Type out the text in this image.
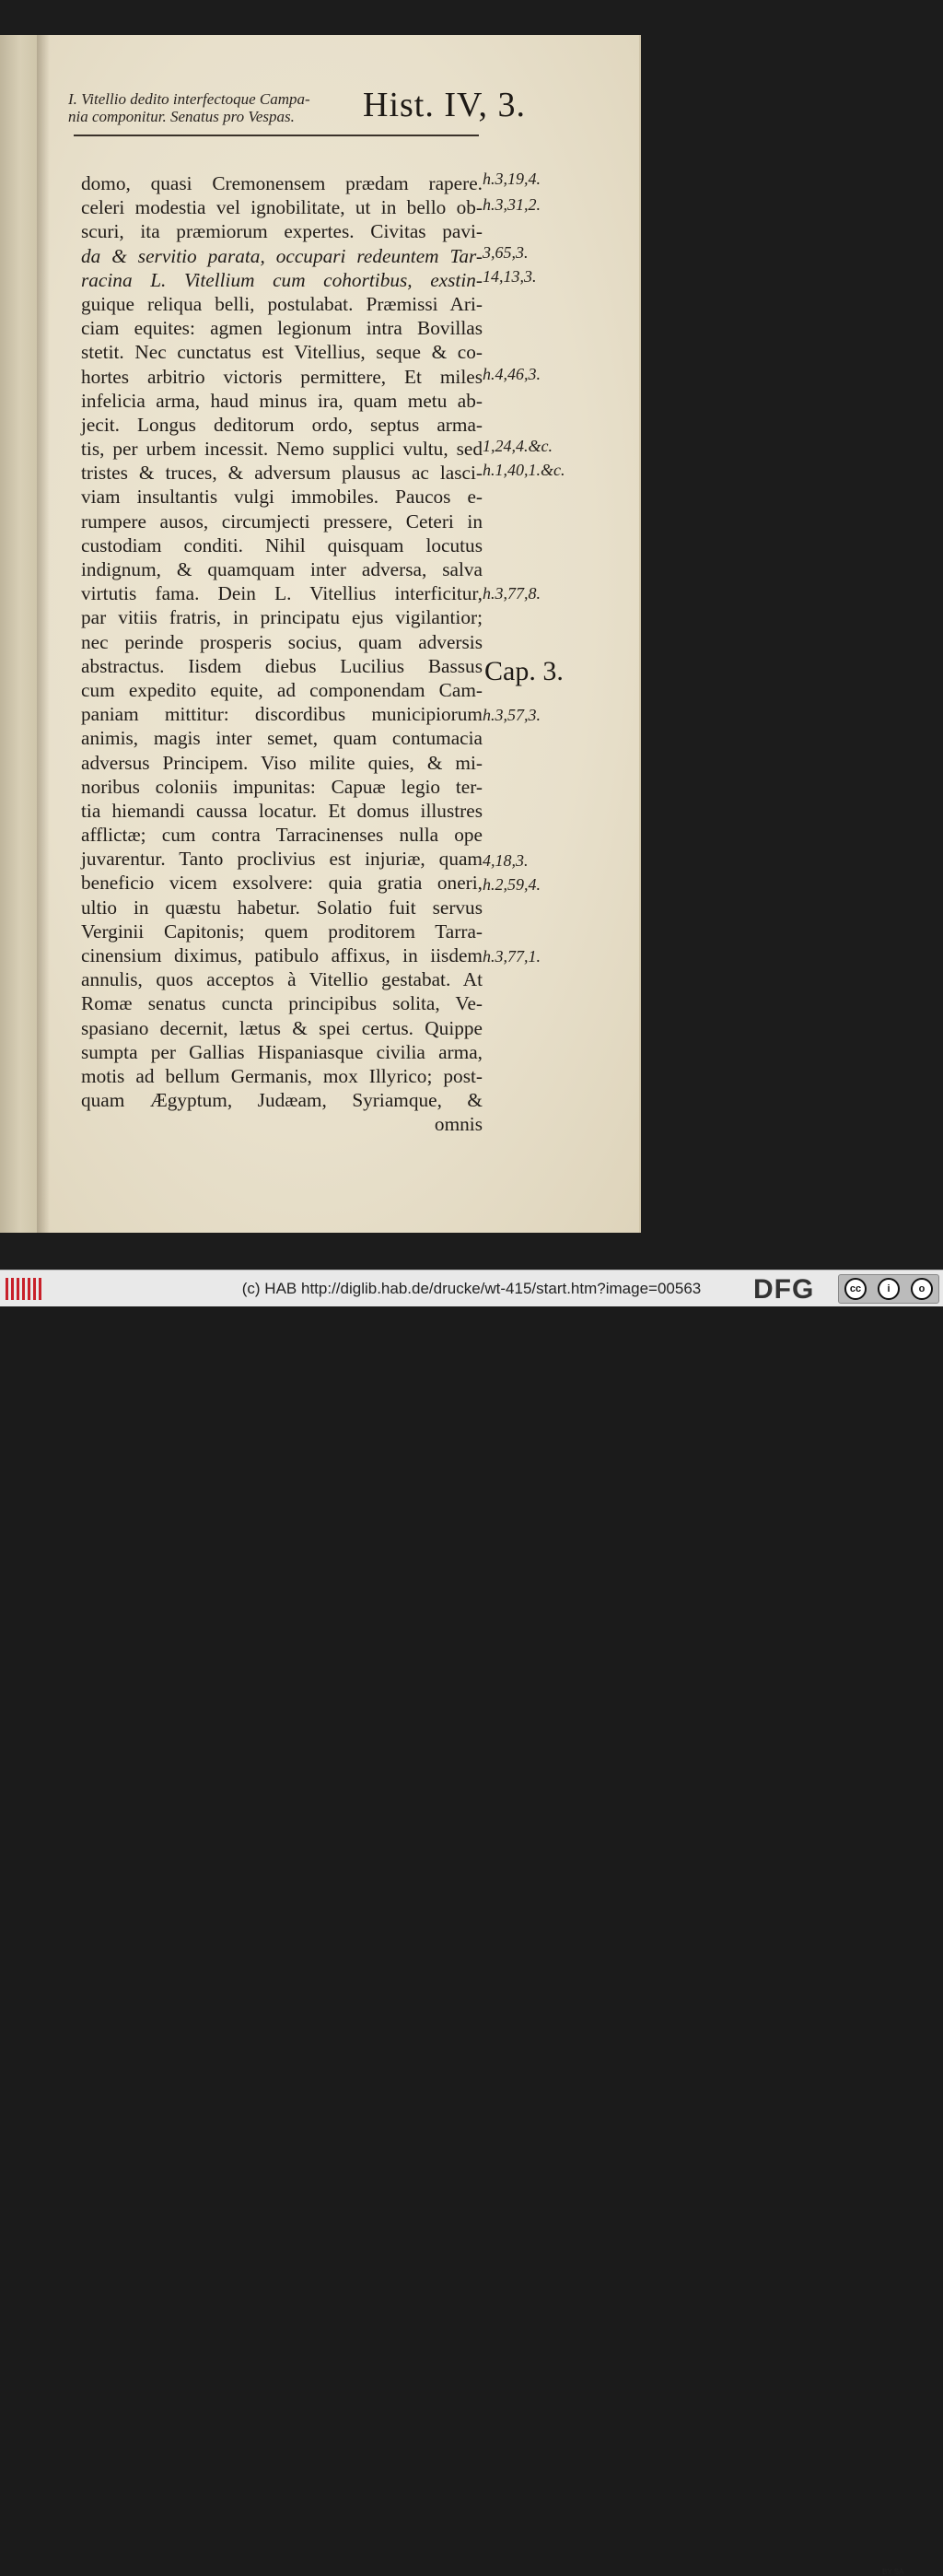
I. Vitellio dedito interfectoque Campa-
nia componitur. Senatus pro Vespas.	Hist. IV, 3.
domo, quasi Cremonensem prædam rapere.
celeri modestia vel ignobilitate, ut in bello ob-
scuri, ita præmiorum expertes. Civitas pavi-
da & servitio parata, occupari redeuntem Tar-
racina L. Vitellium cum cohortibus, exstin-
guique reliqua belli, postulabat. Præmissi Ari-
ciam equites: agmen legionum intra Bovillas
stetit. Nec cunctatus est Vitellius, seque & co-
hortes arbitrio victoris permittere, Et miles
infelicia arma, haud minus ira, quam metu ab-
jecit. Longus deditorum ordo, septus arma-
tis, per urbem incessit. Nemo supplici vultu, sed
tristes & truces, & adversum plausus ac lasci-
viam insultantis vulgi immobiles. Paucos e-
rumpere ausos, circumjecti pressere, Ceteri in
custodiam conditi. Nihil quisquam locutus
indignum, & quamquam inter adversa, salva
virtutis fama. Dein L. Vitellius interficitur,
par vitiis fratris, in principatu ejus vigilantior;
nec perinde prosperis socius, quam adversis
abstractus. Iisdem diebus Lucilius Bassus
cum expedito equite, ad componendam Cam-
paniam mittitur: discordibus municipiorum
animis, magis inter semet, quam contumacia
adversus Principem. Viso milite quies, & mi-
noribus coloniis impunitas: Capuæ legio ter-
tia hiemandi caussa locatur. Et domus illustres
afflictæ; cum contra Tarracinenses nulla ope
juvarentur. Tanto proclivius est injuriæ, quam
beneficio vicem exsolvere: quia gratia oneri,
ultio in quæstu habetur. Solatio fuit servus
Verginii Capitonis; quem proditorem Tarra-
cinensium diximus, patibulo affixus, in iisdem
annulis, quos acceptos à Vitellio gestabat. At
Romæ senatus cuncta principibus solita, Ve-
spasiano decernit, lætus & spei certus. Quippe
sumpta per Gallias Hispaniasque civilia arma,
motis ad bellum Germanis, mox Illyrico; post-
quam Ægyptum, Judæam, Syriamque, &
omnis
h.3,19,4.
h.3,31,2.
3,65,3.
14,13,3.
h.4,46,3.
1,24,4.&c.
h.1,40,1.&c.
h.3,77,8.
Cap. 3.
h.3,57,3.
4,18,3.
h.2,59,4.
h.3,77,1.
(c) HAB http://diglib.hab.de/drucke/wt-415/start.htm?image=00563	DFG	cc	i	o
BY SA
